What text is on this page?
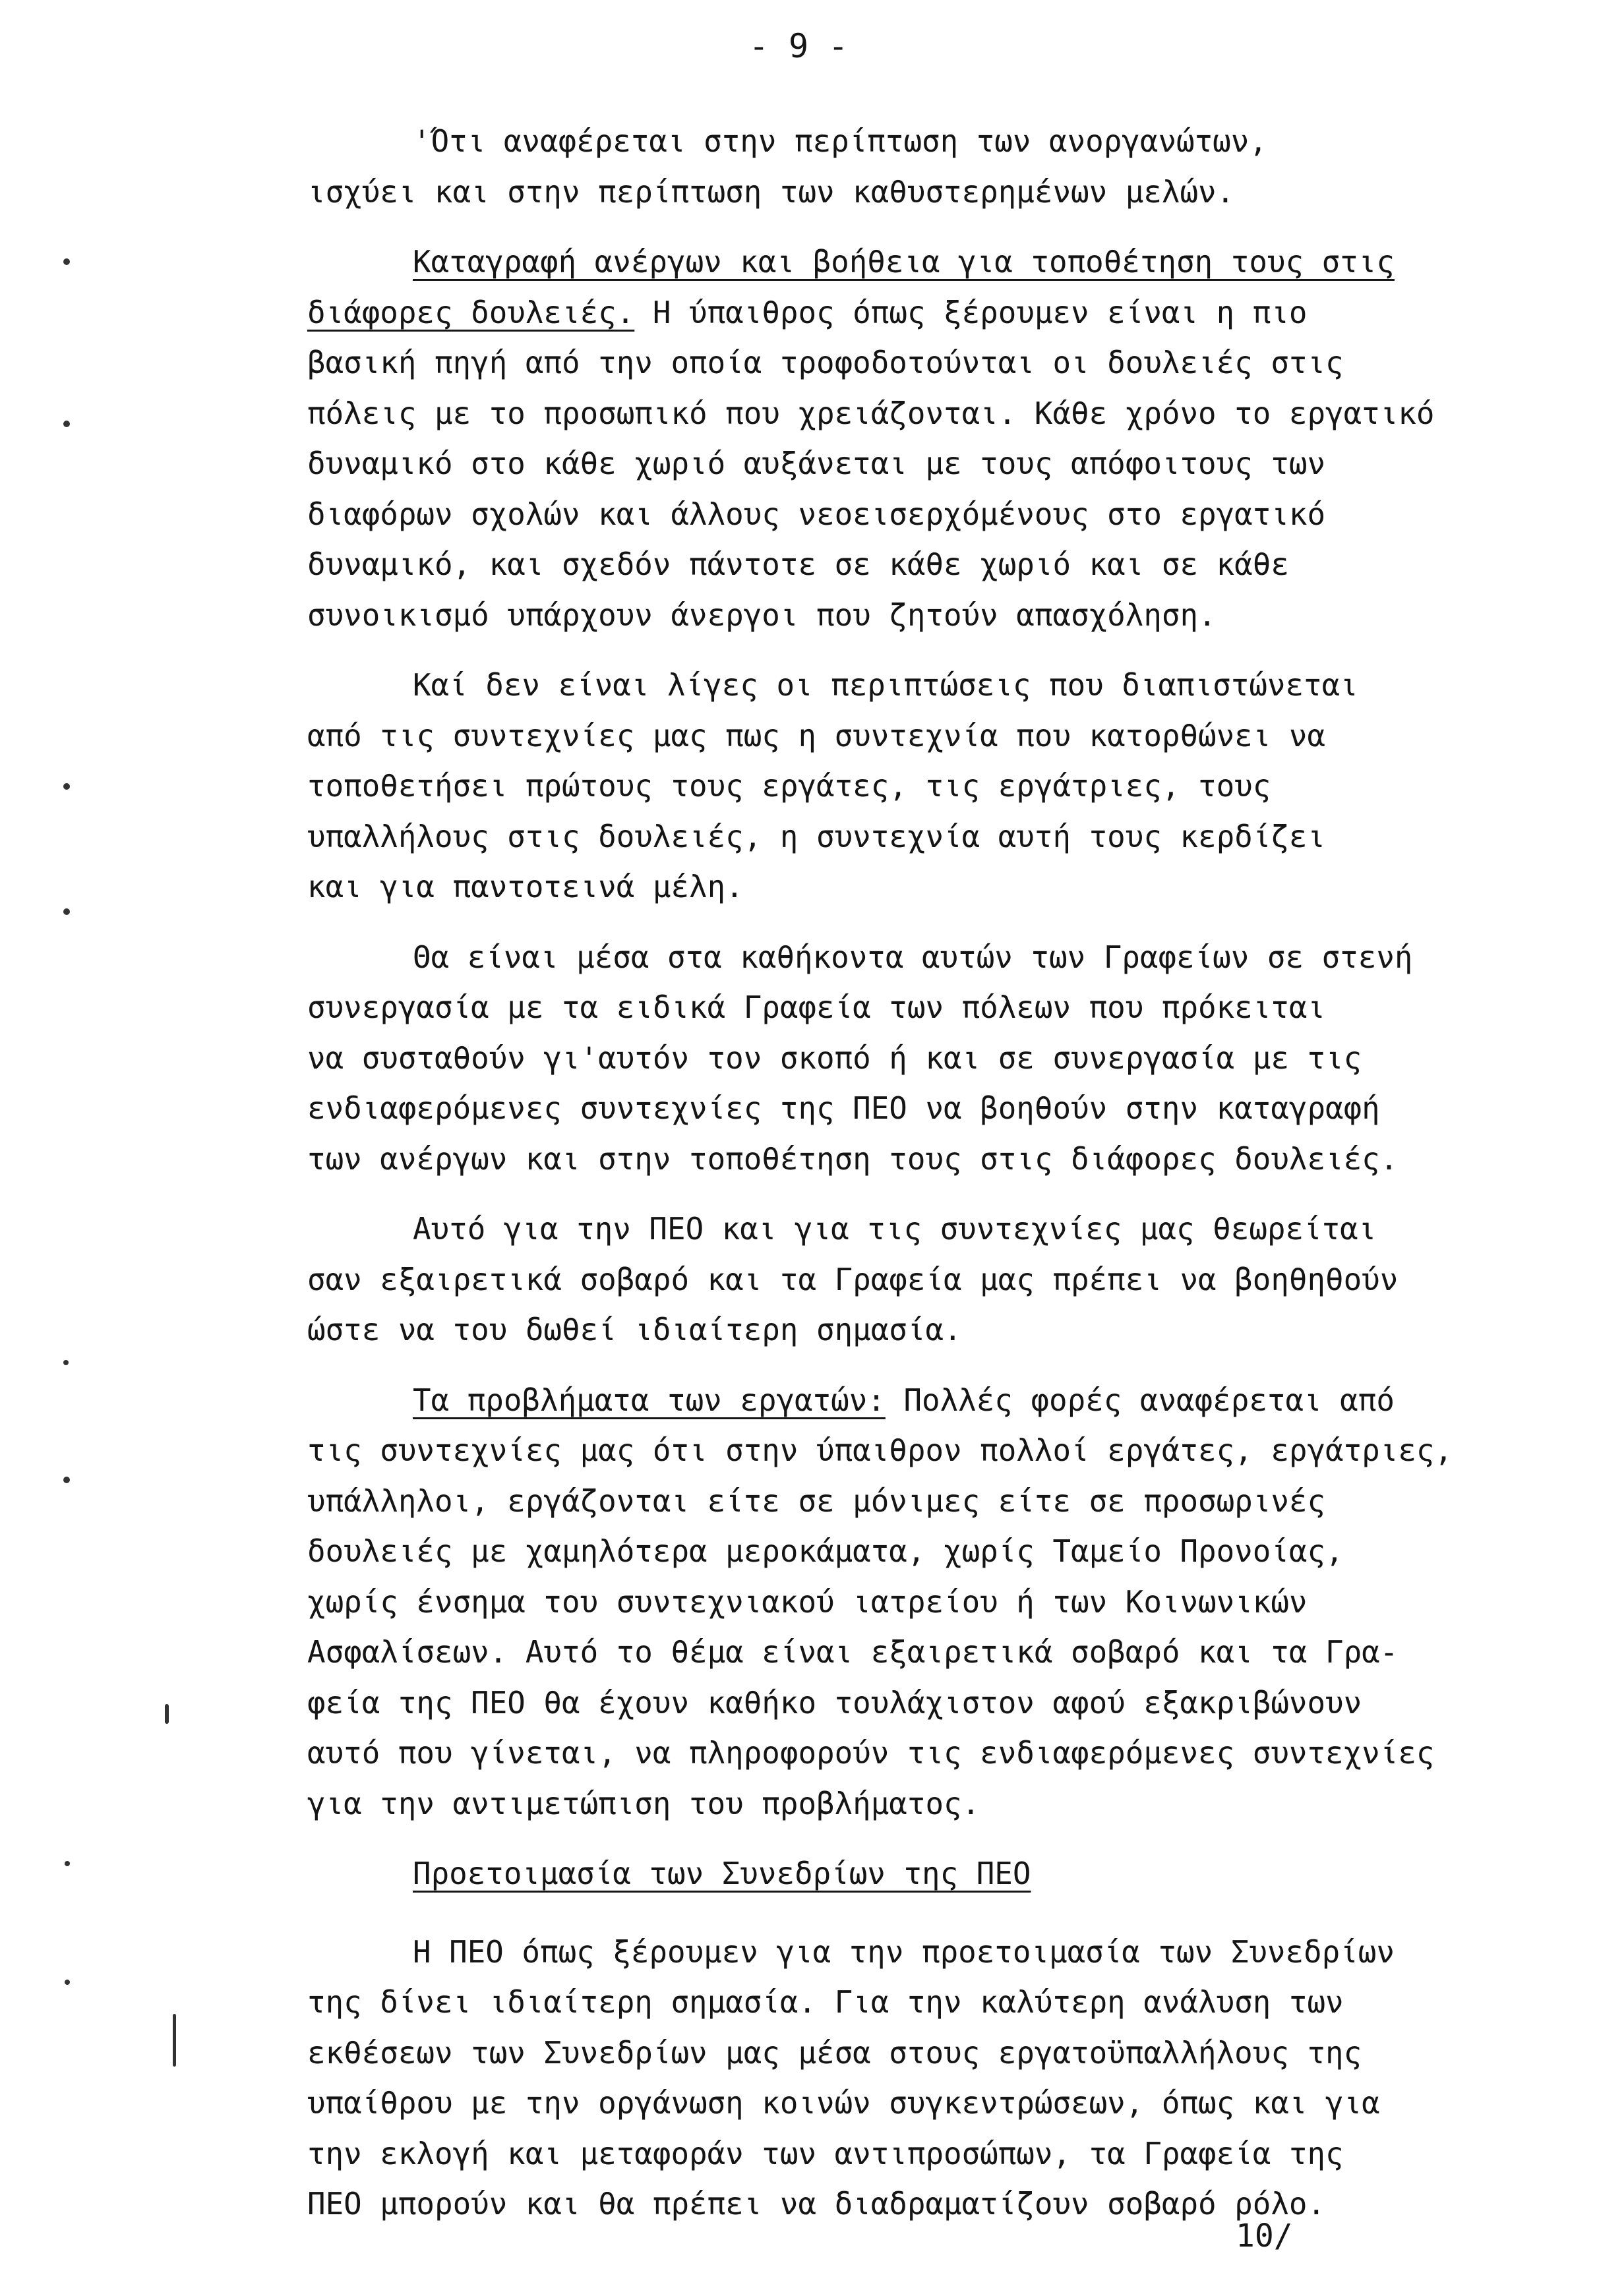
- 9 -
'Ότι αναφέρεται στην περίπτωση των ανοργανώτων,
ισχύει και στην περίπτωση των καθυστερημένων μελών.
Καταγραφή ανέργων και βοήθεια για τοποθέτηση τους στις
διάφορες δουλειές. Η ύπαιθρος όπως ξέρουμεν είναι η πιο
βασική πηγή από την οποία τροφοδοτούνται οι δουλειές στις
πόλεις με το προσωπικό που χρειάζονται. Κάθε χρόνο το εργατικό
δυναμικό στο κάθε χωριό αυξάνεται με τους απόφοιτους των
διαφόρων σχολών και άλλους νεοεισερχόμένους στο εργατικό
δυναμικό, και σχεδόν πάντοτε σε κάθε χωριό και σε κάθε
συνοικισμό υπάρχουν άνεργοι που ζητούν απασχόληση.
Καί δεν είναι λίγες οι περιπτώσεις που διαπιστώνεται
από τις συντεχνίες μας πως η συντεχνία που κατορθώνει να
τοποθετήσει πρώτους τους εργάτες, τις εργάτριες, τους
υπαλλήλους στις δουλειές, η συντεχνία αυτή τους κερδίζει
και για παντοτεινά μέλη.
Θα είναι μέσα στα καθήκοντα αυτών των Γραφείων σε στενή
συνεργασία με τα ειδικά Γραφεία των πόλεων που πρόκειται
να συσταθούν γι'αυτόν τον σκοπό ή και σε συνεργασία με τις
ενδιαφερόμενες συντεχνίες της ΠΕΟ να βοηθούν στην καταγραφή
των ανέργων και στην τοποθέτηση τους στις διάφορες δουλειές.
Αυτό για την ΠΕΟ και για τις συντεχνίες μας θεωρείται
σαν εξαιρετικά σοβαρό και τα Γραφεία μας πρέπει να βοηθηθούν
ώστε να του δωθεί ιδιαίτερη σημασία.
Τα προβλήματα των εργατών: Πολλές φορές αναφέρεται από
τις συντεχνίες μας ότι στην ύπαιθρον πολλοί εργάτες, εργάτριες,
υπάλληλοι, εργάζονται είτε σε μόνιμες είτε σε προσωρινές
δουλειές με χαμηλότερα μεροκάματα, χωρίς Ταμείο Προνοίας,
χωρίς ένσημα του συντεχνιακού ιατρείου ή των Κοινωνικών
Ασφαλίσεων. Αυτό το θέμα είναι εξαιρετικά σοβαρό και τα Γρα-
φεία της ΠΕΟ θα έχουν καθήκο τουλάχιστον αφού εξακριβώνουν
αυτό που γίνεται, να πληροφορούν τις ενδιαφερόμενες συντεχνίες
για την αντιμετώπιση του προβλήματος.
Προετοιμασία των Συνεδρίων της ΠΕΟ
Η ΠΕΟ όπως ξέρουμεν για την προετοιμασία των Συνεδρίων
της δίνει ιδιαίτερη σημασία. Για την καλύτερη ανάλυση των
εκθέσεων των Συνεδρίων μας μέσα στους εργατοϋπαλλήλους της
υπαίθρου με την οργάνωση κοινών συγκεντρώσεων, όπως και για
την εκλογή και μεταφοράν των αντιπροσώπων, τα Γραφεία της
ΠΕΟ μπορούν και θα πρέπει να διαδραματίζουν σοβαρό ρόλο.
10/
